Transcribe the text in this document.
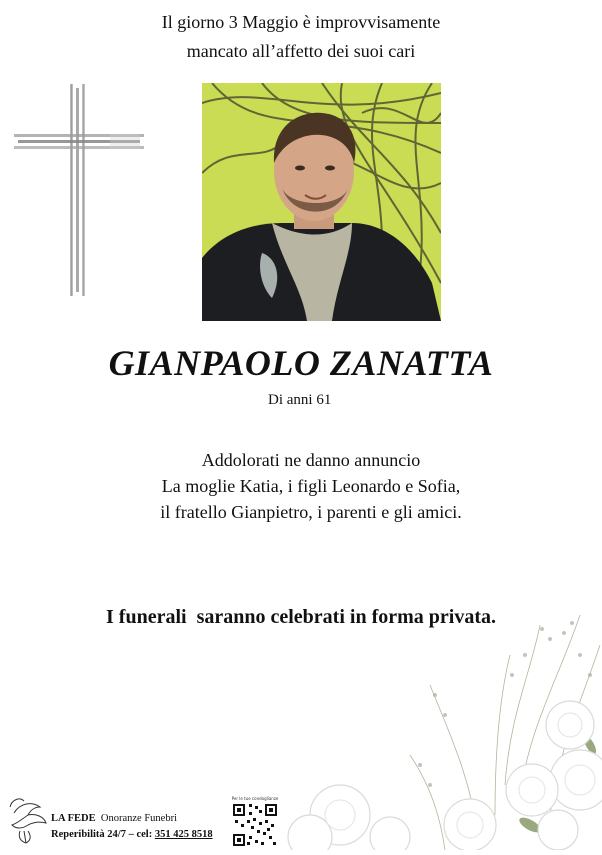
Il giorno 3 Maggio è improvvisamente
mancato all’affetto dei suoi cari
GIANPAOLO ZANATTA
Di anni 61
Addolorati ne danno annuncio
La moglie Katia, i figli Leonardo e Sofia,
il fratello Gianpietro, i parenti e gli amici.
I funerali  saranno celebrati in forma privata.
LA FEDE Onoranze Funebri
Reperibilità 24/7 – cel: 351 425 8518
Per le tue condoglianze
